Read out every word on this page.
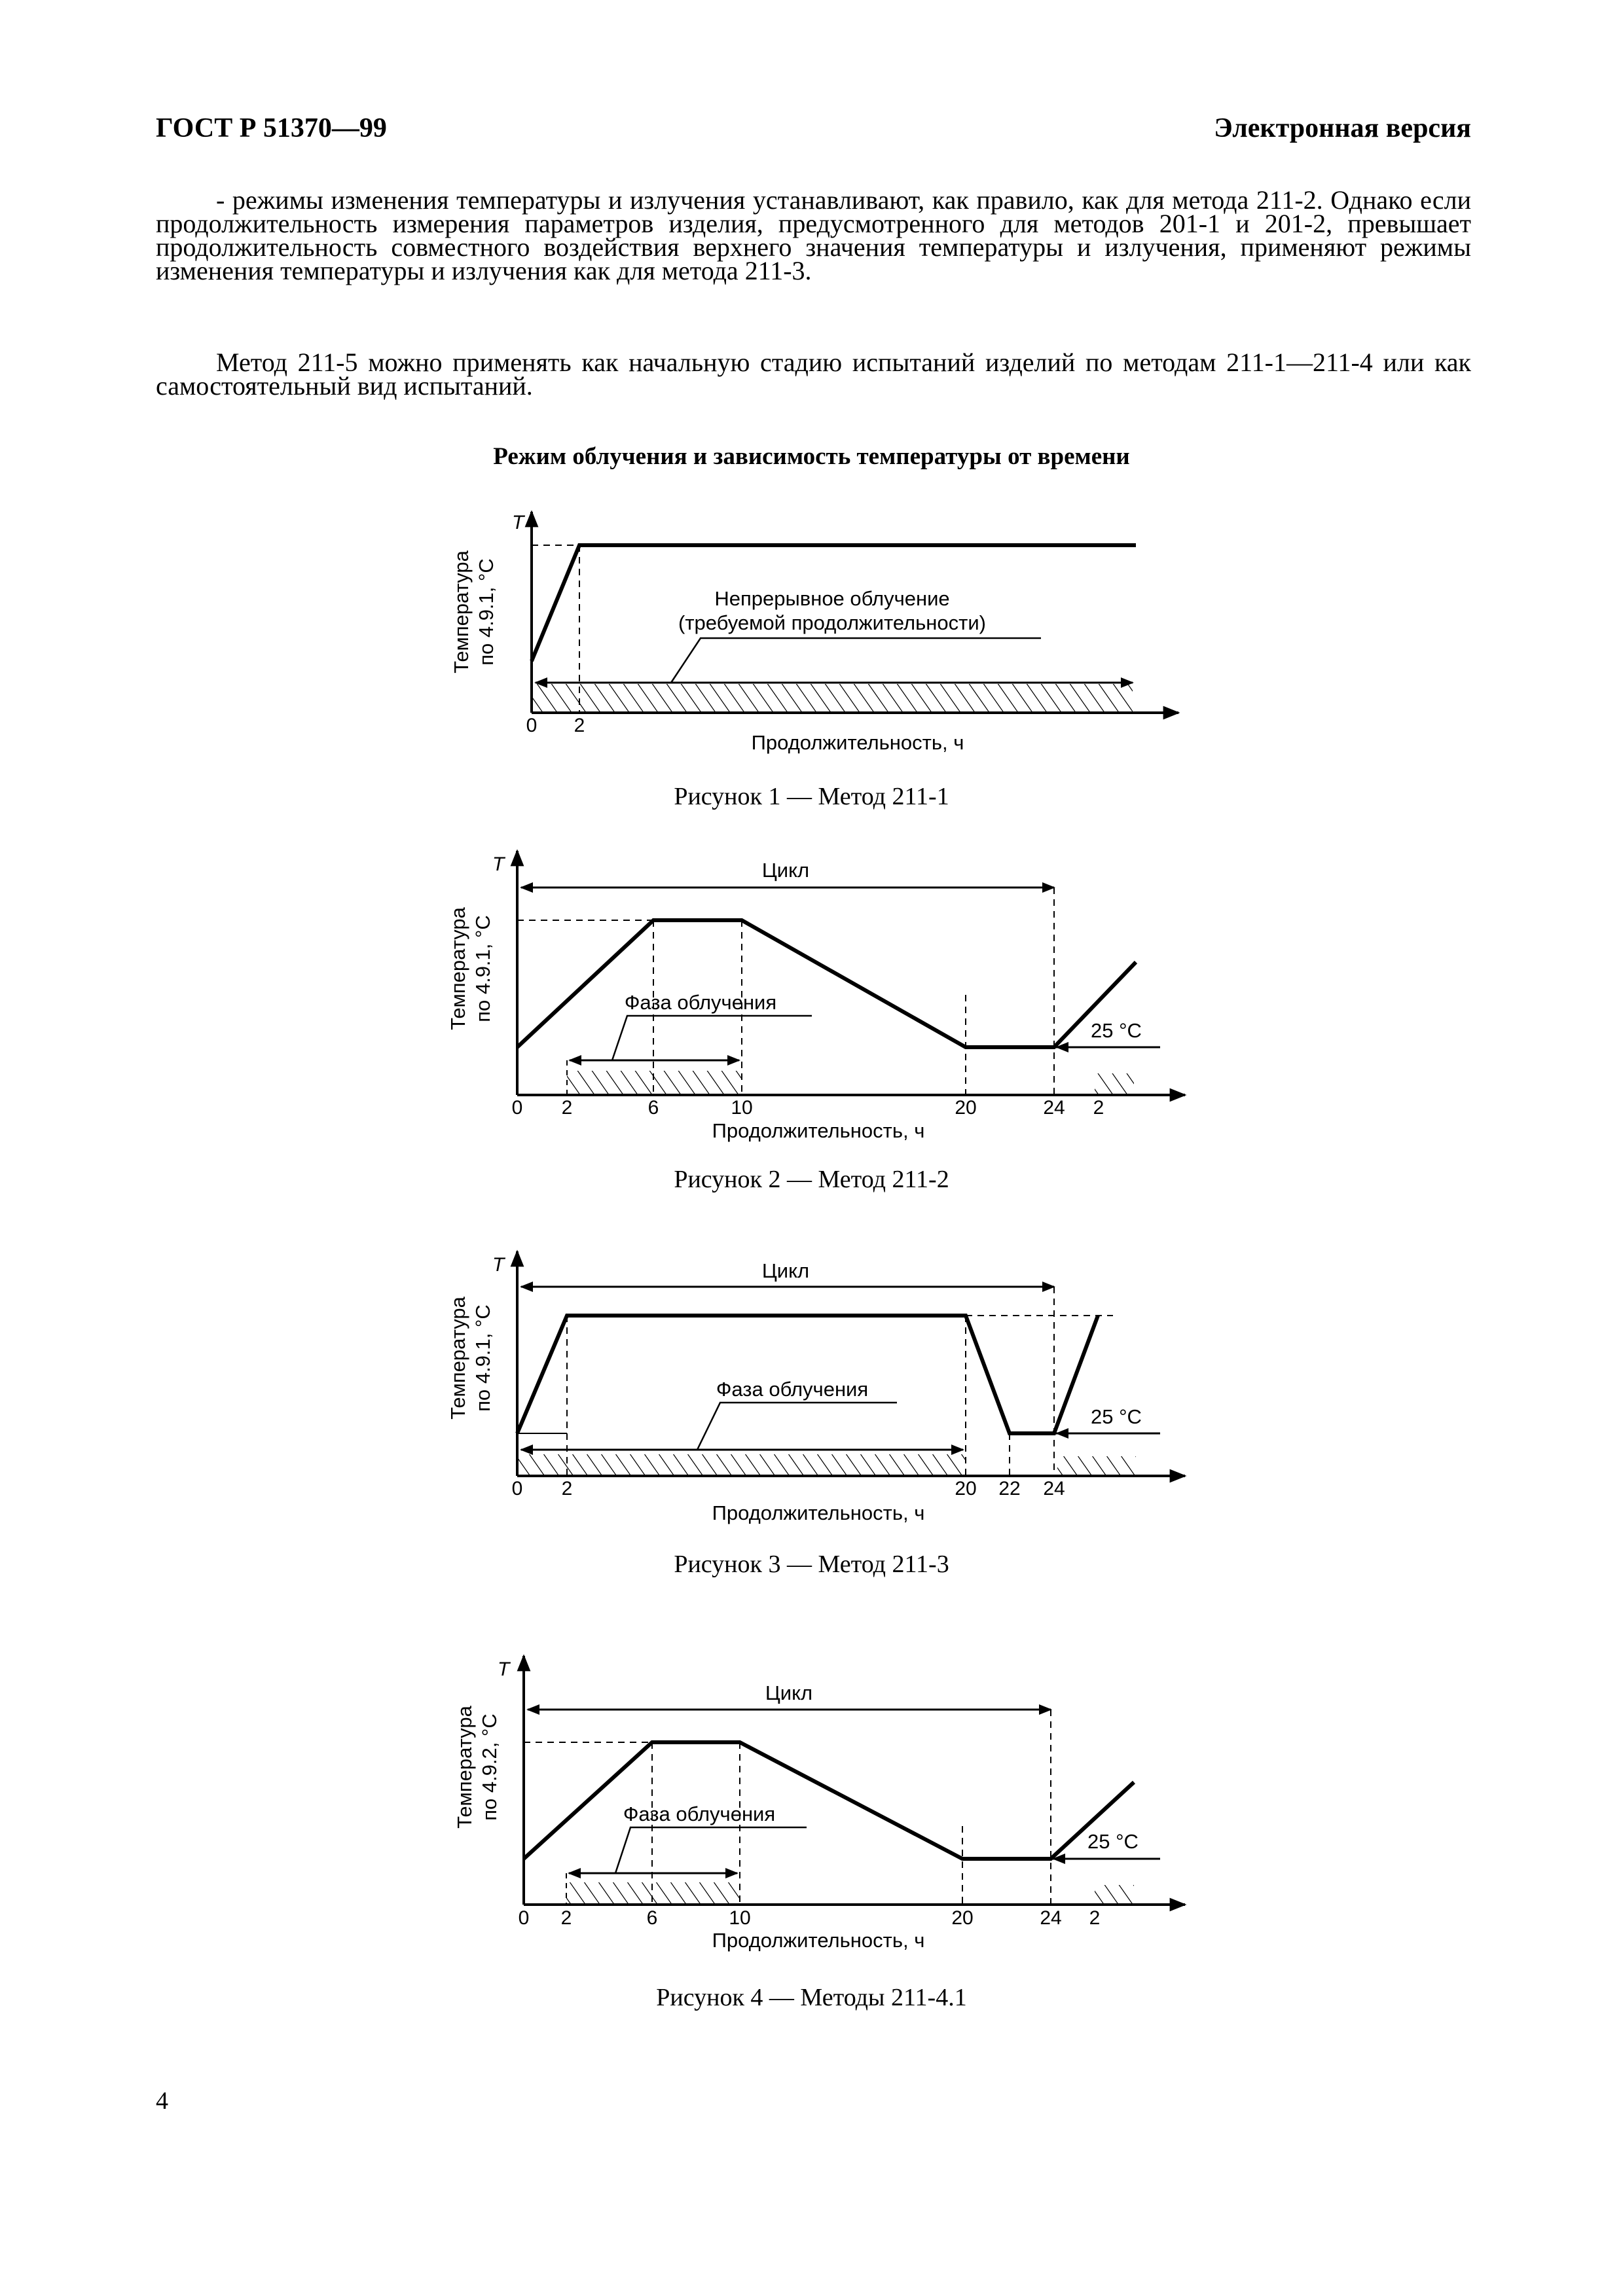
ГОСТ Р 51370—99	Электронная версия
- режимы изменения температуры и излучения устанавливают, как правило, как для метода 211-2. Однако если продолжительность измерения параметров изделия, предусмотренного для методов 201-1 и 201-2, превышает продолжительность совместного воздействия верхнего значения температуры и излучения, применяют режимы изменения температуры и излучения как для метода 211-3.
Метод 211-5 можно применять как начальную стадию испытаний изделий по методам 211-1—211-4 или как самостоятельный вид испытаний.
Режим облучения и зависимость температуры от времени
T
Температура по 4.9.1, °С	Непрерывное облучение
(требуемой продолжительности)
0 2
Продолжительность, ч
Рисунок 1 — Метод 211-1
T
Температура по 4.9.1, °С
Цикл
25 °С
Фаза облучения
0 2	6	10	20	24 2
Продолжительность, ч
Рисунок 2 — Метод 211-2
T
Температура по 4.9.1, °С
Цикл
25 °С
Фаза облучения
0 2	20 22 24
Продолжительность, ч
Рисунок 3 — Метод 211-3
T
Температура по 4.9.2, °С
Цикл
25 °С
Фаза облучения
0 2	6	10	20	24 2
Продолжительность, ч
Рисунок 4 — Методы 211-4.1
4
